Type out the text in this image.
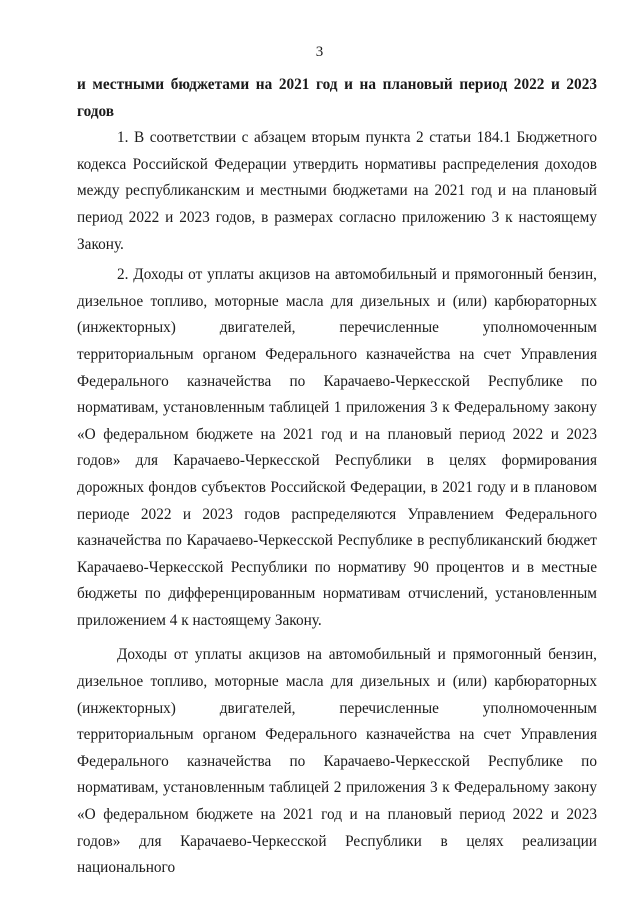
3

и местными бюджетами на 2021 год и на плановый период 2022 и 2023 годов

1. В соответствии с абзацем вторым пункта 2 статьи 184.1 Бюджетного кодекса Российской Федерации утвердить нормативы распределения доходов между республиканским и местными бюджетами на 2021 год и на плановый период 2022 и 2023 годов, в размерах согласно приложению 3 к настоящему Закону.

2. Доходы от уплаты акцизов на автомобильный и прямогонный бензин, дизельное топливо, моторные масла для дизельных и (или) карбюраторных (инжекторных) двигателей, перечисленные уполномоченным территориальным органом Федерального казначейства на счет Управления Федерального казначейства по Карачаево-Черкесской Республике по нормативам, установленным таблицей 1 приложения 3 к Федеральному закону «О федеральном бюджете на 2021 год и на плановый период 2022 и 2023 годов» для Карачаево-Черкесской Республики в целях формирования дорожных фондов субъектов Российской Федерации, в 2021 году и в плановом периоде 2022 и 2023 годов распределяются Управлением Федерального казначейства по Карачаево-Черкесской Республике в республиканский бюджет Карачаево-Черкесской Республики по нормативу 90 процентов и в местные бюджеты по дифференцированным нормативам отчислений, установленным приложением 4 к настоящему Закону.

Доходы от уплаты акцизов на автомобильный и прямогонный бензин, дизельное топливо, моторные масла для дизельных и (или) карбюраторных (инжекторных) двигателей, перечисленные уполномоченным территориальным органом Федерального казначейства на счет Управления Федерального казначейства по Карачаево-Черкесской Республике по нормативам, установленным таблицей 2 приложения 3 к Федеральному закону «О федеральном бюджете на 2021 год и на плановый период 2022 и 2023 годов» для Карачаево-Черкесской Республики в целях реализации национального
